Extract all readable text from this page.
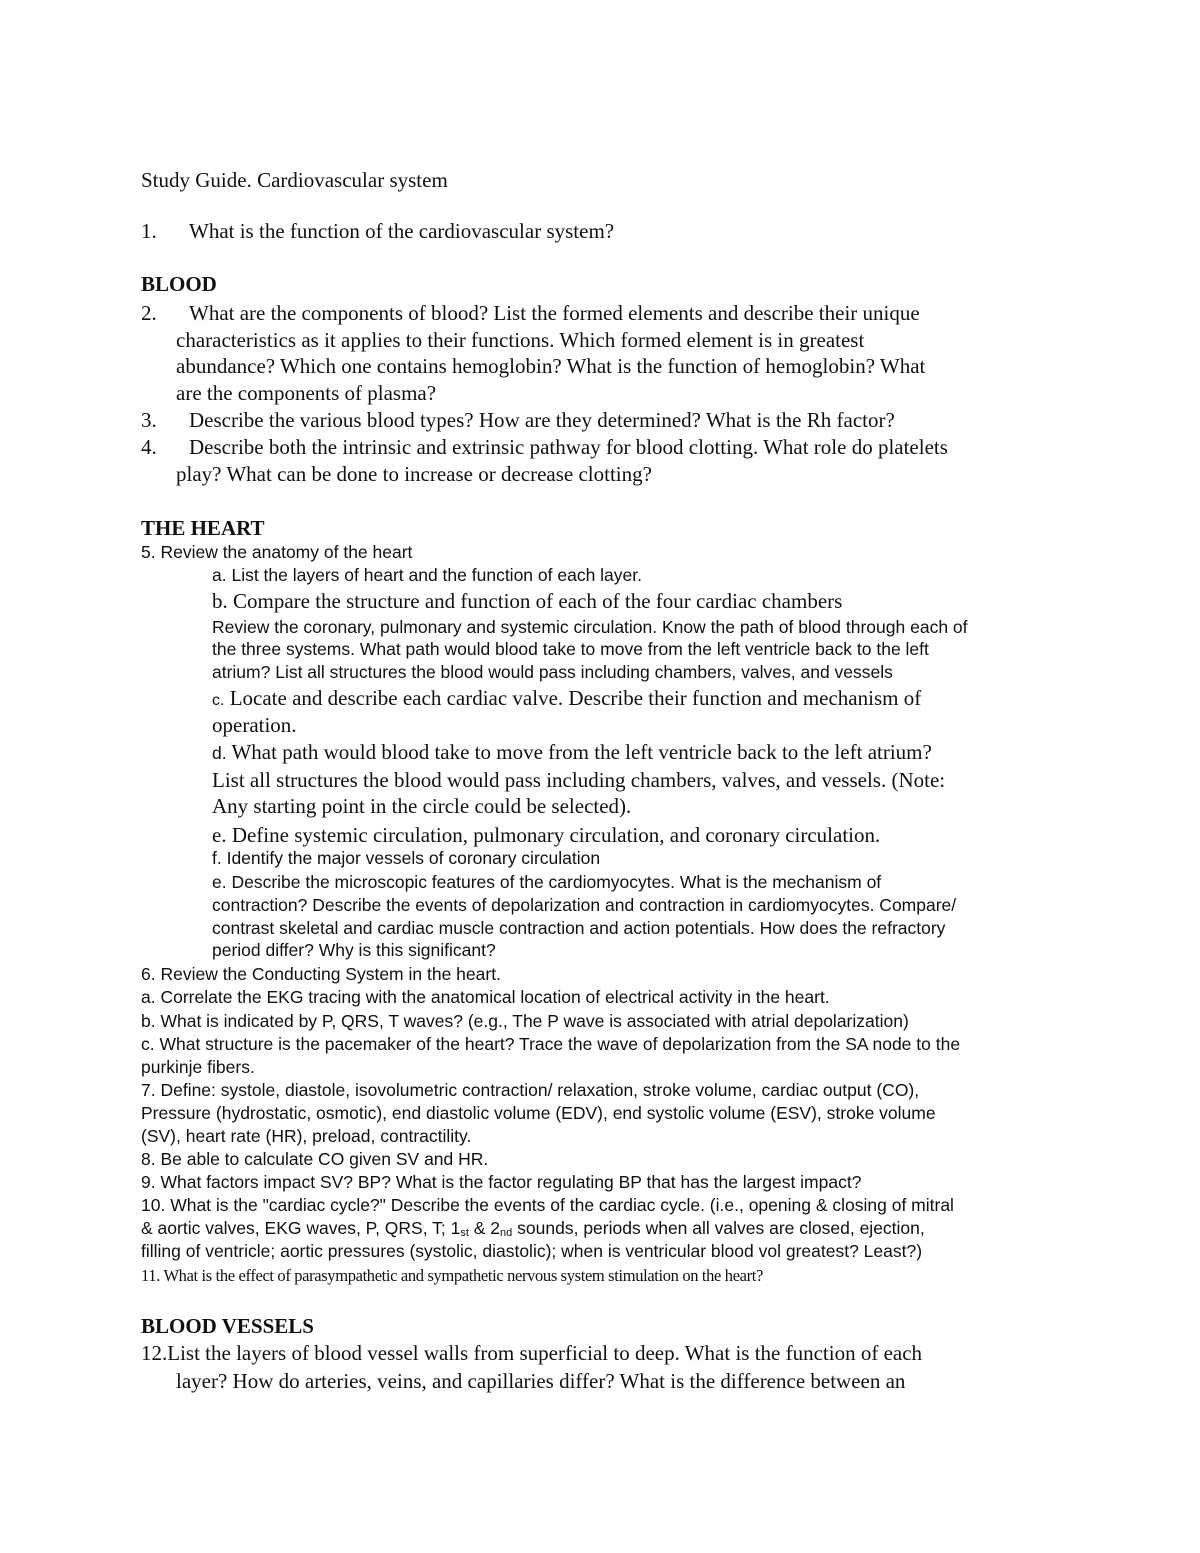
Study Guide. Cardiovascular system
1. What is the function of the cardiovascular system?
BLOOD
2. What are the components of blood? List the formed elements and describe their unique
characteristics as it applies to their functions. Which formed element is in greatest
abundance? Which one contains hemoglobin? What is the function of hemoglobin? What
are the components of plasma?
3. Describe the various blood types? How are they determined? What is the Rh factor?
4. Describe both the intrinsic and extrinsic pathway for blood clotting. What role do platelets
play? What can be done to increase or decrease clotting?
THE HEART
5. Review the anatomy of the heart
a. List the layers of heart and the function of each layer.
b. Compare the structure and function of each of the four cardiac chambers
Review the coronary, pulmonary and systemic circulation. Know the path of blood through each of
the three systems. What path would blood take to move from the left ventricle back to the left
atrium? List all structures the blood would pass including chambers, valves, and vessels
c. Locate and describe each cardiac valve. Describe their function and mechanism of
operation.
d. What path would blood take to move from the left ventricle back to the left atrium?
List all structures the blood would pass including chambers, valves, and vessels. (Note:
Any starting point in the circle could be selected).
e. Define systemic circulation, pulmonary circulation, and coronary circulation.
f. Identify the major vessels of coronary circulation
e. Describe the microscopic features of the cardiomyocytes. What is the mechanism of
contraction? Describe the events of depolarization and contraction in cardiomyocytes. Compare/
contrast skeletal and cardiac muscle contraction and action potentials. How does the refractory
period differ? Why is this significant?
6. Review the Conducting System in the heart.
a. Correlate the EKG tracing with the anatomical location of electrical activity in the heart.
b. What is indicated by P, QRS, T waves? (e.g., The P wave is associated with atrial depolarization)
c. What structure is the pacemaker of the heart? Trace the wave of depolarization from the SA node to the
purkinje fibers.
7. Define: systole, diastole, isovolumetric contraction/ relaxation, stroke volume, cardiac output (CO),
Pressure (hydrostatic, osmotic), end diastolic volume (EDV), end systolic volume (ESV), stroke volume
(SV), heart rate (HR), preload, contractility.
8. Be able to calculate CO given SV and HR.
9. What factors impact SV? BP? What is the factor regulating BP that has the largest impact?
10. What is the "cardiac cycle?" Describe the events of the cardiac cycle. (i.e., opening & closing of mitral
& aortic valves, EKG waves, P, QRS, T; 1st & 2nd sounds, periods when all valves are closed, ejection,
filling of ventricle; aortic pressures (systolic, diastolic); when is ventricular blood vol greatest? Least?)
11. What is the effect of parasympathetic and sympathetic nervous system stimulation on the heart?
BLOOD VESSELS
12.List the layers of blood vessel walls from superficial to deep. What is the function of each
layer? How do arteries, veins, and capillaries differ? What is the difference between an
